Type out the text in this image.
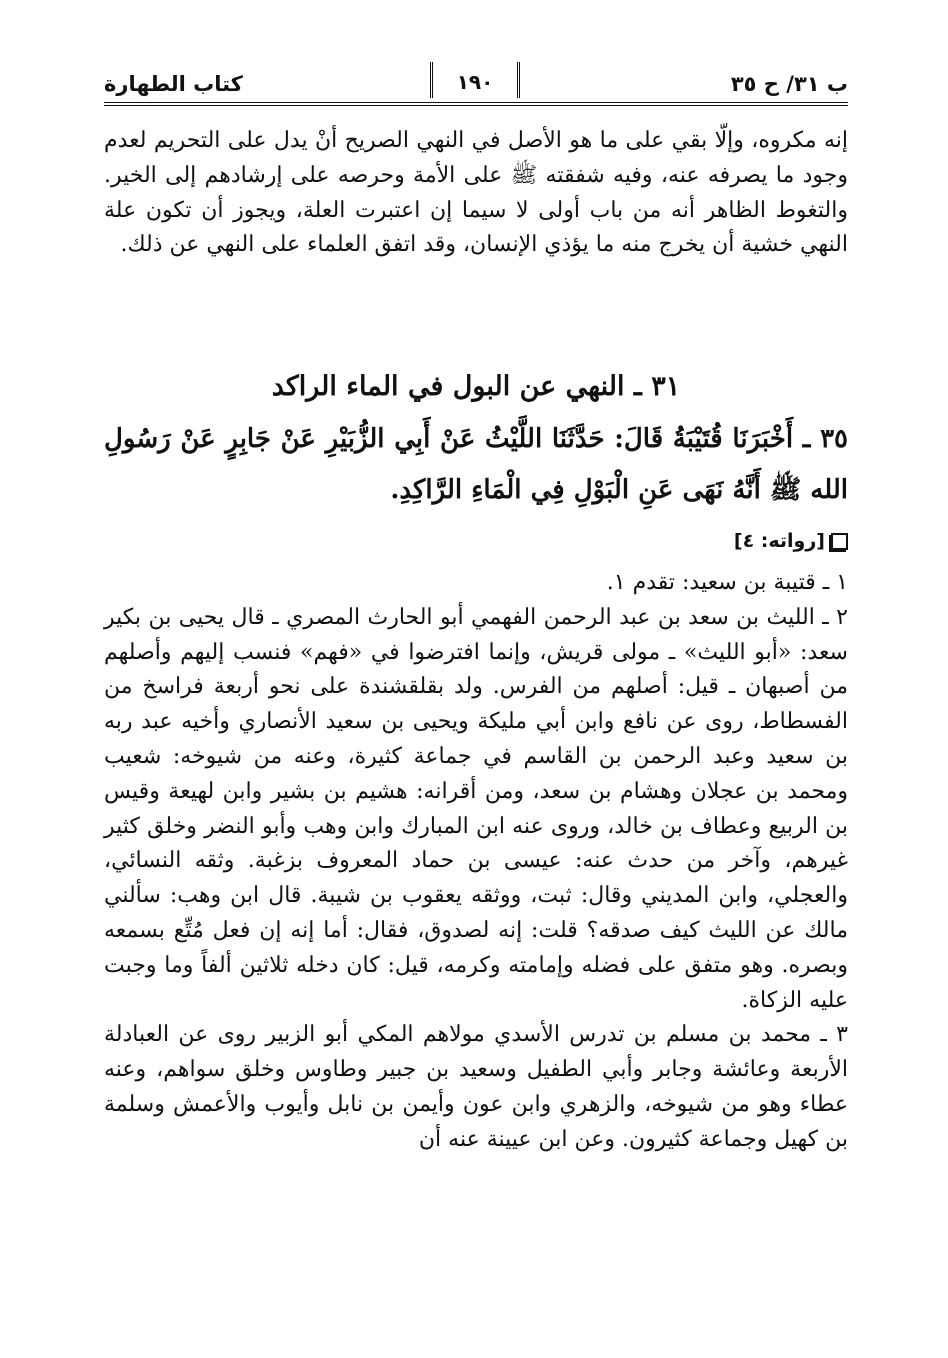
ب ٣١/ ح ٣٥
١٩٠
كتاب الطهارة

إنه مكروه، وإلّا بقي على ما هو الأصل في النهي الصريح أنْ يدل على التحريم لعدم وجود ما يصرفه عنه، وفيه شفقته ﷺ على الأمة وحرصه على إرشادهم إلى الخير. والتغوط الظاهر أنه من باب أولى لا سيما إن اعتبرت العلة، ويجوز أن تكون علة النهي خشية أن يخرج منه ما يؤذي الإنسان، وقد اتفق العلماء على النهي عن ذلك.

٣١ ـ النهي عن البول في الماء الراكد
٣٥ ـ أَخْبَرَنَا قُتَيْبَةُ قَالَ: حَدَّثَنَا اللَّيْثُ عَنْ أَبِي الزُّبَيْرِ عَنْ جَابِرٍ عَنْ رَسُولِ الله ﷺ أَنَّهُ نَهَى عَنِ الْبَوْلِ فِي الْمَاءِ الرَّاكِدِ.
[رواته: ٤]

١ ـ قتيبة بن سعيد: تقدم ١.

٢ ـ الليث بن سعد بن عبد الرحمن الفهمي أبو الحارث المصري ـ قال يحيى بن بكير سعد: «أبو الليث» ـ مولى قريش، وإنما افترضوا في «فهم» فنسب إليهم وأصلهم من أصبهان ـ قيل: أصلهم من الفرس. ولد بقلقشندة على نحو أربعة فراسخ من الفسطاط، روى عن نافع وابن أبي مليكة ويحيى بن سعيد الأنصاري وأخيه عبد ربه بن سعيد وعبد الرحمن بن القاسم في جماعة كثيرة، وعنه من شيوخه: شعيب ومحمد بن عجلان وهشام بن سعد، ومن أقرانه: هشيم بن بشير وابن لهيعة وقيس بن الربيع وعطاف بن خالد، وروى عنه ابن المبارك وابن وهب وأبو النضر وخلق كثير غيرهم، وآخر من حدث عنه: عيسى بن حماد المعروف بزغبة. وثقه النسائي، والعجلي، وابن المديني وقال: ثبت، ووثقه يعقوب بن شيبة. قال ابن وهب: سألني مالك عن الليث كيف صدقه؟ قلت: إنه لصدوق، فقال: أما إنه إن فعل مُتِّع بسمعه وبصره. وهو متفق على فضله وإمامته وكرمه، قيل: كان دخله ثلاثين ألفاً وما وجبت عليه الزكاة.

٣ ـ محمد بن مسلم بن تدرس الأسدي مولاهم المكي أبو الزبير روى عن العبادلة الأربعة وعائشة وجابر وأبي الطفيل وسعيد بن جبير وطاوس وخلق سواهم، وعنه عطاء وهو من شيوخه، والزهري وابن عون وأيمن بن نابل وأيوب والأعمش وسلمة بن كهيل وجماعة كثيرون. وعن ابن عيينة عنه أن
